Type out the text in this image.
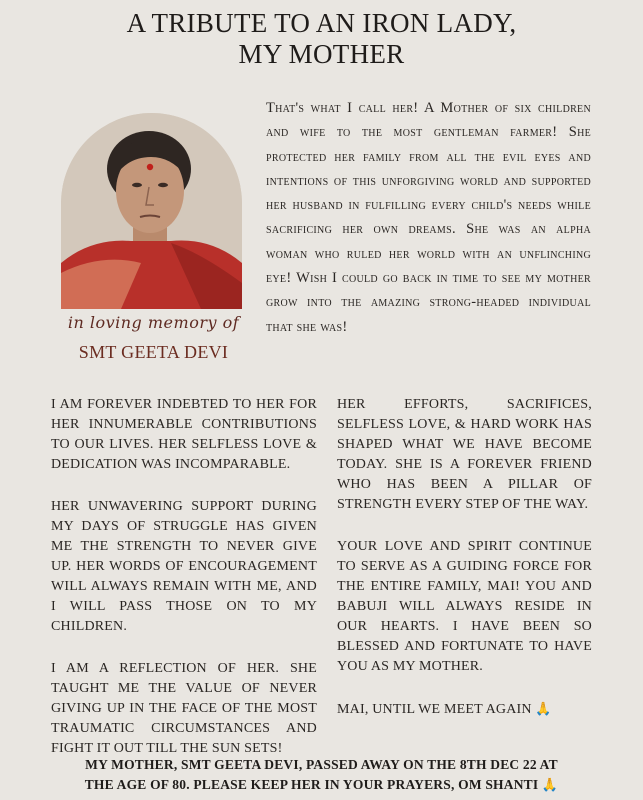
A TRIBUTE TO AN IRON LADY,
MY MOTHER
in loving memory of
SMT GEETA DEVI
That's what I call her! A Mother of six children and wife to the most gentleman farmer! She protected her family from all the evil eyes and intentions of this unforgiving world and supported her husband in fulfilling every child's needs while sacrificing her own dreams. She was an alpha woman who ruled her world with an unflinching eye! Wish I could go back in time to see my mother grow into the amazing strong-headed individual that she was!

I AM FOREVER INDEBTED TO HER FOR HER INNUMERABLE CONTRIBUTIONS TO OUR LIVES. HER SELFLESS LOVE & DEDICATION WAS INCOMPARABLE.

HER UNWAVERING SUPPORT DURING MY DAYS OF STRUGGLE HAS GIVEN ME THE STRENGTH TO NEVER GIVE UP. HER WORDS OF ENCOURAGEMENT WILL ALWAYS REMAIN WITH ME, AND I WILL PASS THOSE ON TO MY CHILDREN.

I AM A REFLECTION OF HER. SHE TAUGHT ME THE VALUE OF NEVER GIVING UP IN THE FACE OF THE MOST TRAUMATIC CIRCUMSTANCES AND FIGHT IT OUT TILL THE SUN SETS!

HER EFFORTS, SACRIFICES, SELFLESS LOVE, & HARD WORK HAS SHAPED WHAT WE HAVE BECOME TODAY. SHE IS A FOREVER FRIEND WHO HAS BEEN A PILLAR OF STRENGTH EVERY STEP OF THE WAY.

YOUR LOVE AND SPIRIT CONTINUE TO SERVE AS A GUIDING FORCE FOR THE ENTIRE FAMILY, MAI! YOU AND BABUJI WILL ALWAYS RESIDE IN OUR HEARTS. I HAVE BEEN SO BLESSED AND FORTUNATE TO HAVE YOU AS MY MOTHER.

MAI, UNTIL WE MEET AGAIN 🙏

MY MOTHER, SMT GEETA DEVI, PASSED AWAY ON THE 8TH DEC 22 AT
THE AGE OF 80. PLEASE KEEP HER IN YOUR PRAYERS, OM SHANTI 🙏
